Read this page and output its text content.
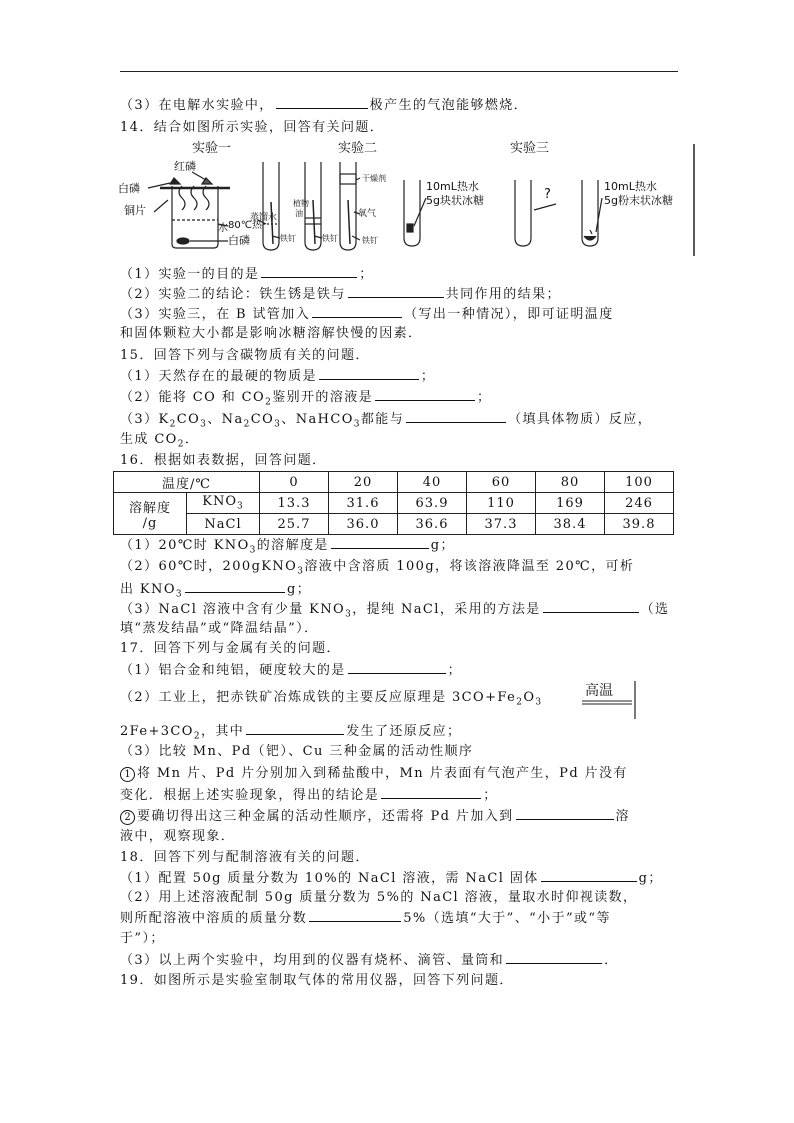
（3）在电解水实验中，	极产生的气泡能够燃烧．
14．结合如图所示实验，回答有关问题．
实验一	实验二	实验三
红磷
白磷
铜片
80℃热
水
白磷
蒸馏水
铁钉
植物
油
铁钉
干燥剂
氧气
铁钉
10mL热水
5g块状冰糖	?
10mL热水
5g粉末状冰糖
（1）实验一的目的是	；
（2）实验二的结论：铁生锈是铁与	共同作用的结果；
（3）实验三，在 B 试管加入	（写出一种情况），即可证明温度
和固体颗粒大小都是影响冰糖溶解快慢的因素．
15．回答下列与含碳物质有关的问题．
（1）天然存在的最硬的物质是	；
（2）能将 CO 和 $CO_2$鉴别开的溶液是	；
$(3)K_2CO_3$、$Na_2CO_3$、NaHCO$_3$都能与	（填具体物质）反应，
生成 $CO_2$．
16．根据如表数据，回答问题．
温度/℃		0	20	40	60	80	100
溶解度
/g	$KNO_3$	13.3	31.6	63.9	110	169	246
	NaCl	25.7	36.0	36.6	37.3	38.4	39.8
（1）20℃时 $KNO_3$的溶解度是	g；
（2）60℃时，200gKNO$_3$溶液中含溶质 100g，将该溶液降温至 20℃，可析
出 $KNO_3$	g；
（3）NaCl 溶液中含有少量 $KNO_3$，提纯 NaCl，采用的方法是	（选
填“蒸发结晶”或“降温结晶”）．
17．回答下列与金属有关的问题．
（1）铝合金和纯铝，硬度较大的是	；
（2）工业上，把赤铁矿冶炼成铁的主要反应原理是 $3CO+Fe_2O_3$
高温
$2Fe+3CO_2$，其中	发生了还原反应；
（3）比较 Mn、Pd（钯）、Cu 三种金属的活动性顺序
1 将 Mn 片、Pd 片分别加入到稀盐酸中，Mn 片表面有气泡产生，Pd 片没有
变化．根据上述实验现象，得出的结论是	；
2 要确切得出这三种金属的活动性顺序，还需将 Pd 片加入到	溶
液中，观察现象．
18．回答下列与配制溶液有关的问题．
（1）配置 50g 质量分数为 10%的 NaCl 溶液，需 NaCl 固体	g；
（2）用上述溶液配制 50g 质量分数为 5%的 NaCl 溶液，量取水时仰视读数，
则所配溶液中溶质的质量分数	5%（选填“大于”、“小于”或“等
于”）；
（3）以上两个实验中，均用到的仪器有烧杯、滴管、量筒和	．
19．如图所示是实验室制取气体的常用仪器，回答下列问题．
